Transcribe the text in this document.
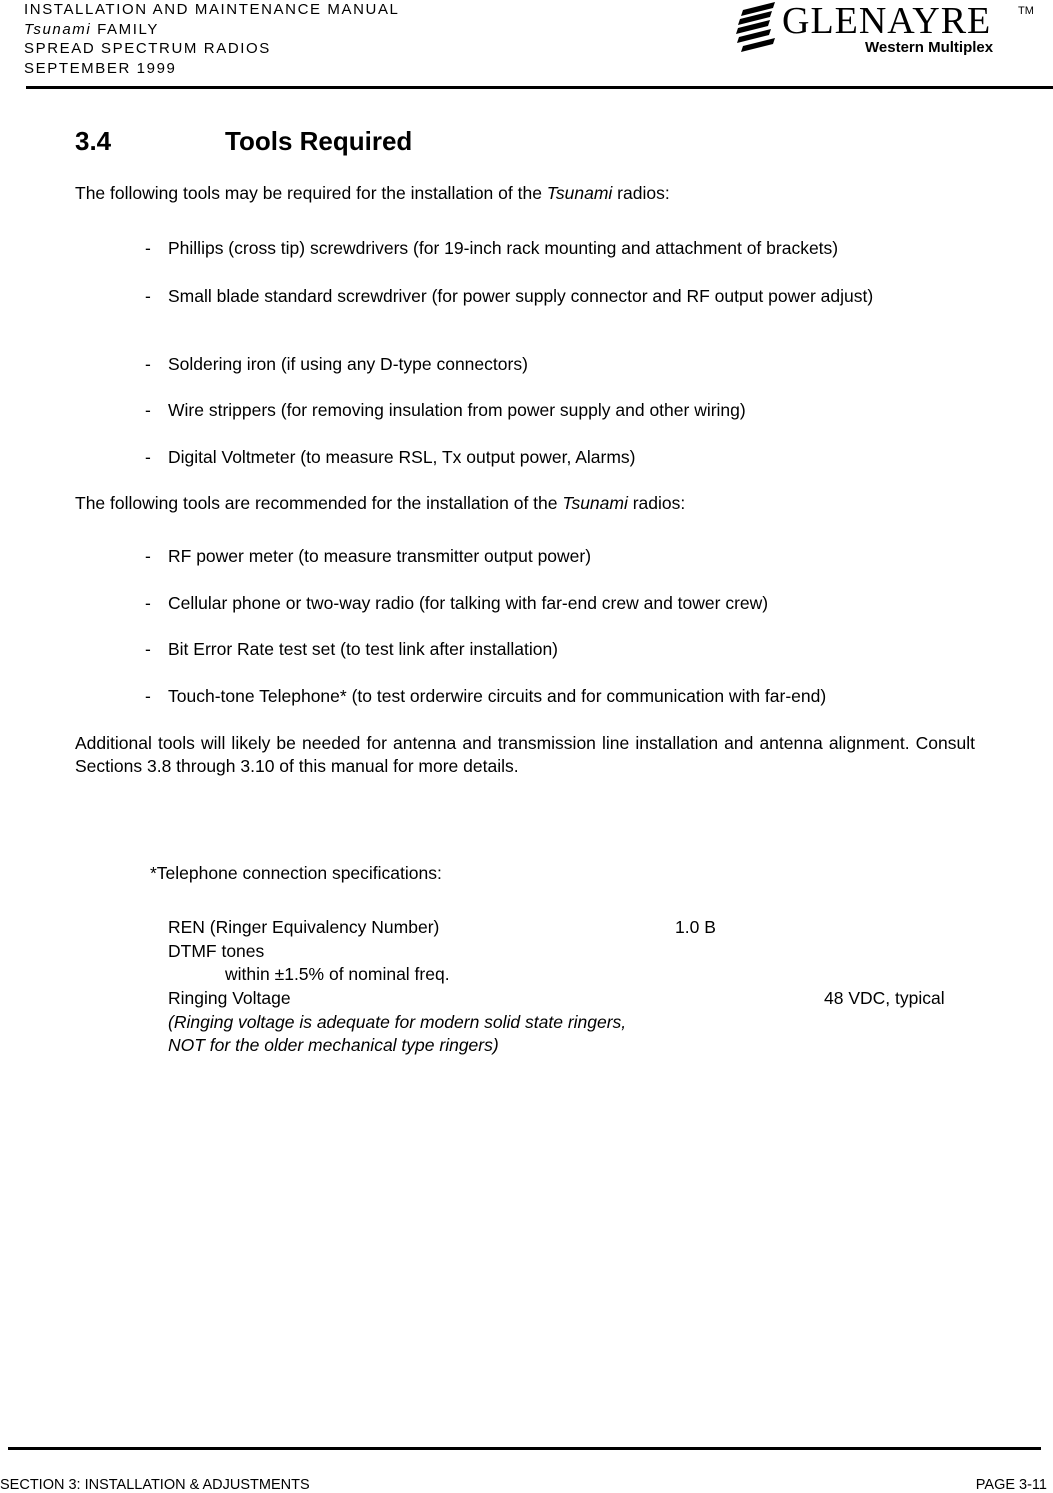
INSTALLATION AND MAINTENANCE MANUAL
Tsunami FAMILY
SPREAD SPECTRUM RADIOS
SEPTEMBER 1999
GLENAYRE TM
Western Multiplex
3.4	Tools Required
The following tools may be required for the installation of the Tsunami radios:
- Phillips (cross tip) screwdrivers (for 19-inch rack mounting and attachment of brackets)
- Small blade standard screwdriver (for power supply connector and RF output power adjust)
- Soldering iron (if using any D-type connectors)
- Wire strippers (for removing insulation from power supply and other wiring)
- Digital Voltmeter (to measure RSL, Tx output power, Alarms)
The following tools are recommended for the installation of the Tsunami radios:
- RF power meter (to measure transmitter output power)
- Cellular phone or two-way radio (for talking with far-end crew and tower crew)
- Bit Error Rate test set (to test link after installation)
- Touch-tone Telephone* (to test orderwire circuits and for communication with far-end)
Additional tools will likely be needed for antenna and transmission line installation and antenna alignment. Consult Sections 3.8 through 3.10 of this manual for more details.
*Telephone connection specifications:
REN (Ringer Equivalency Number)	1.0 B
DTMF tones
within ±1.5% of nominal freq.
Ringing Voltage	48 VDC, typical
(Ringing voltage is adequate for modern solid state ringers,
NOT for the older mechanical type ringers)
SECTION 3: INSTALLATION & ADJUSTMENTS	PAGE 3-11
